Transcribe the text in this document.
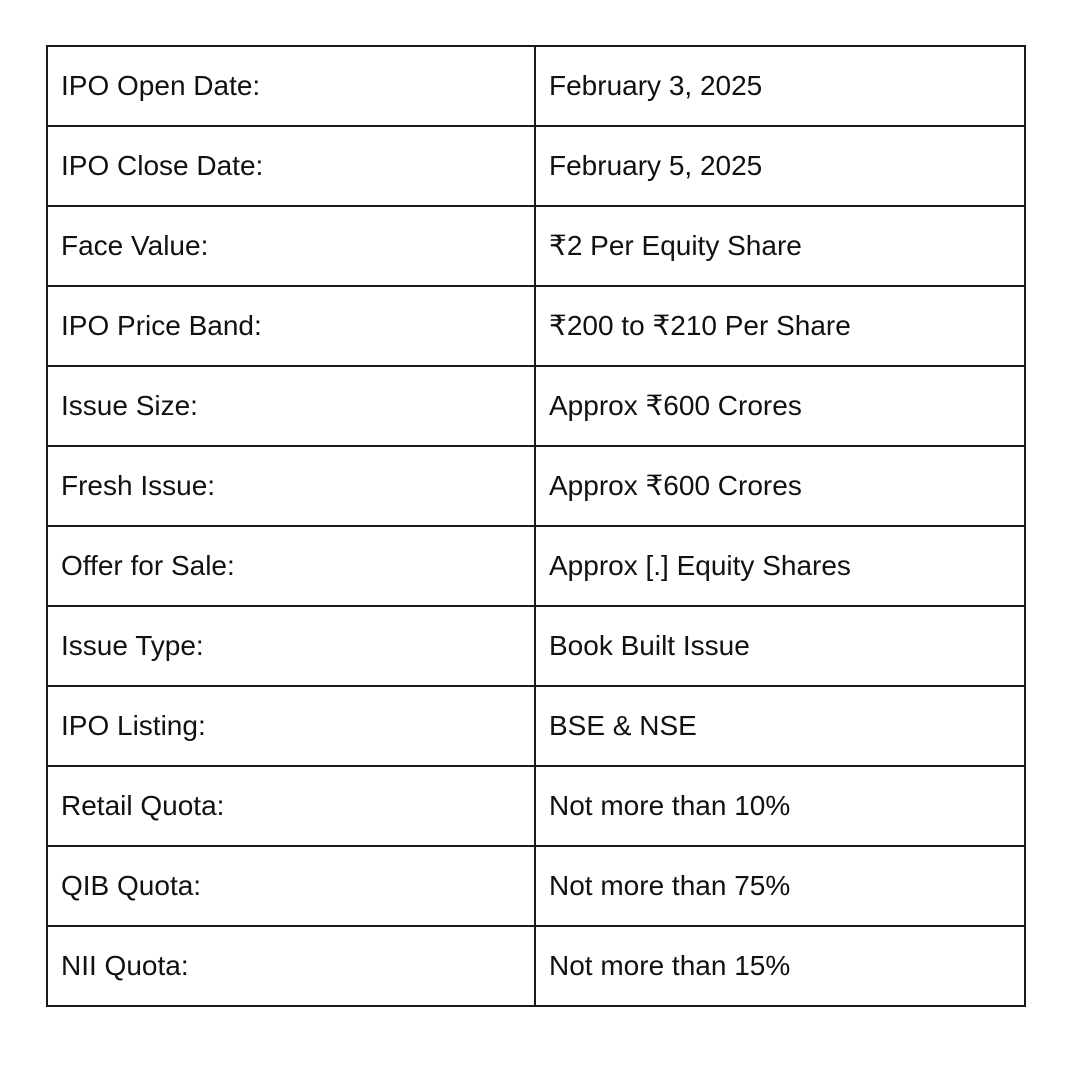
IPO Open Date:	February 3, 2025
IPO Close Date:	February 5, 2025
Face Value:	₹2 Per Equity Share
IPO Price Band:	₹200 to ₹210 Per Share
Issue Size:	Approx ₹600 Crores
Fresh Issue:	Approx ₹600 Crores
Offer for Sale:	Approx [.] Equity Shares
Issue Type:	Book Built Issue
IPO Listing:	BSE & NSE
Retail Quota:	Not more than 10%
QIB Quota:	Not more than 75%
NII Quota:	Not more than 15%
